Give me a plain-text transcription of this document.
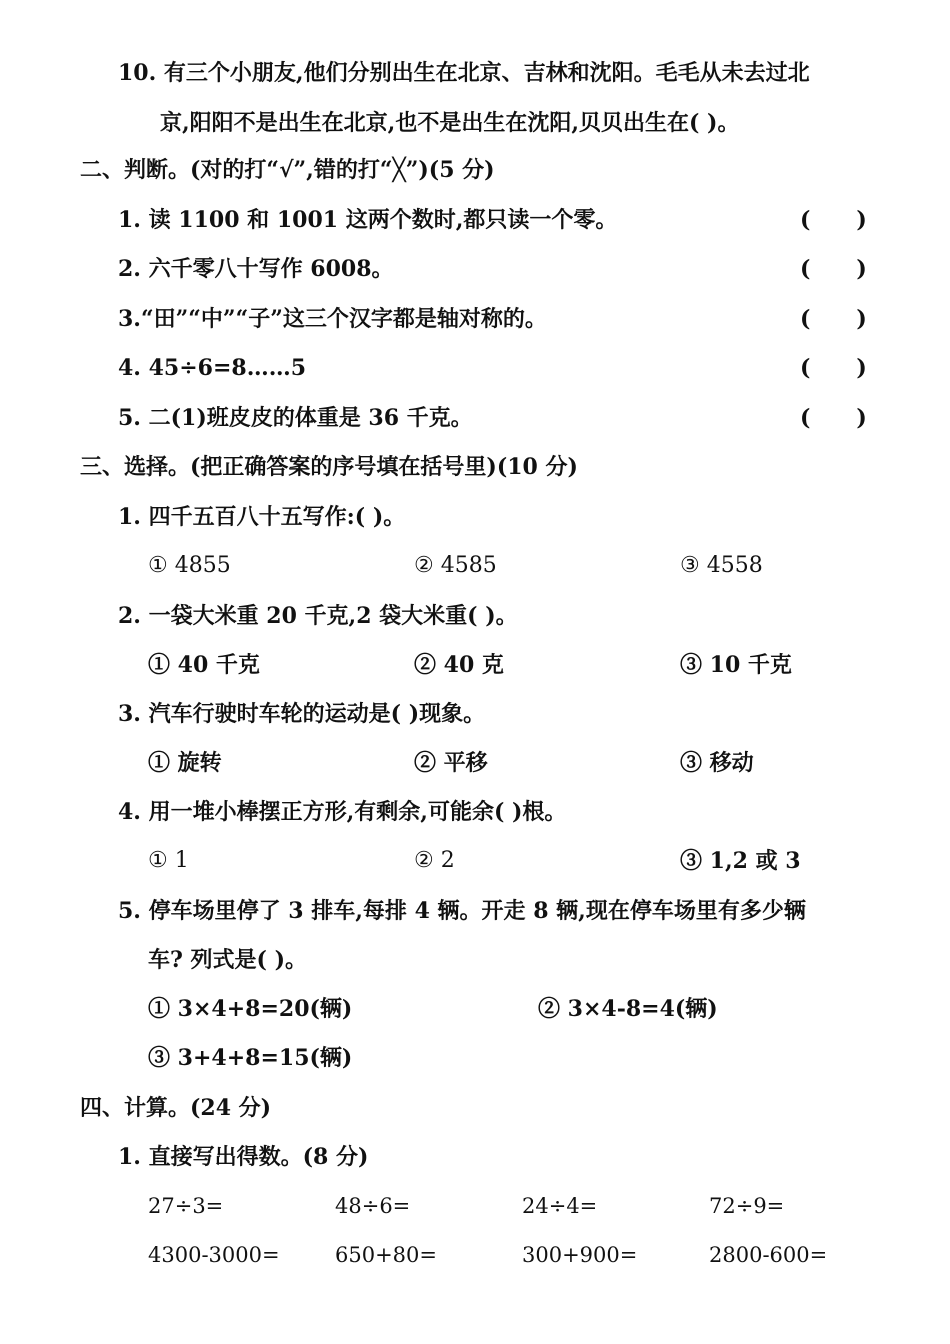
10. 有三个小朋友,他们分别出生在北京、吉林和沈阳。毛毛从未去过北
京,阳阳不是出生在北京,也不是出生在沈阳,贝贝出生在( )。
二、判断。(对的打“√”,错的打“╳”)(5 分)
1. 读 1100 和 1001 这两个数时,都只读一个零。	(      )
2. 六千零八十写作 6008。	(      )
3.“田”“中”“子”这三个汉字都是轴对称的。	(      )
4. 45÷6=8……5	(      )
5. 二(1)班皮皮的体重是 36 千克。	(      )
三、选择。(把正确答案的序号填在括号里)(10 分)
1. 四千五百八十五写作:( )。
① 4855	② 4585	③ 4558
2. 一袋大米重 20 千克,2 袋大米重( )。
① 40 千克	② 40 克	③ 10 千克
3. 汽车行驶时车轮的运动是( )现象。
① 旋转	② 平移	③ 移动
4. 用一堆小棒摆正方形,有剩余,可能余( )根。
① 1	② 2	③ 1,2 或 3
5. 停车场里停了 3 排车,每排 4 辆。开走 8 辆,现在停车场里有多少辆
车? 列式是( )。
① 3×4+8=20(辆)	② 3×4-8=4(辆)
③ 3+4+8=15(辆)
四、计算。(24 分)
1. 直接写出得数。(8 分)
27÷3=	48÷6=	24÷4=	72÷9=
4300-3000=	650+80=	300+900=	2800-600=
